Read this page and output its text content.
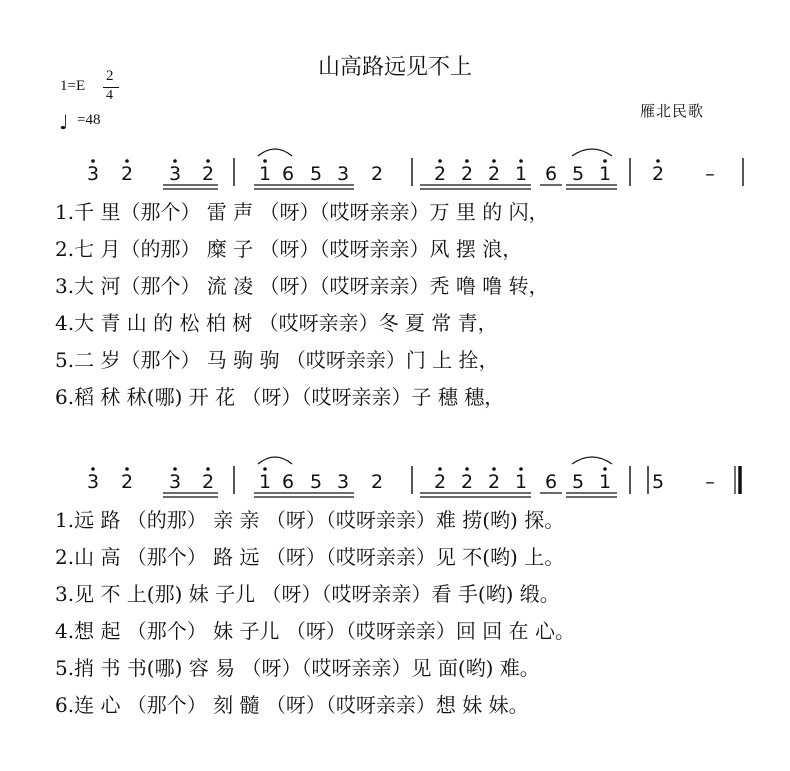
山高路远见不上
1=E
2
4
♩ =48	雁北民歌
3 2 3 2 1 6 5 3 2	2 2 2 1 6 5 1 2 –
1.千 里（那个） 雷 声 （呀）（哎呀亲亲）万 里 的 闪，
2.七 月（的那） 糜 子 （呀）（哎呀亲亲）风 摆 浪，
3.大 河（那个） 流 凌 （呀）（哎呀亲亲）秃 噜 噜 转，
4.大 青 山 的 松 柏 树 （哎呀亲亲）冬 夏 常 青，
5.二 岁（那个） 马 驹 驹 （哎呀亲亲）门 上 拴，
6.稻 秫 秫(哪) 开 花 （呀）（哎呀亲亲）子 穗 穗，
1.远 路 （的那） 亲 亲 （呀）（哎呀亲亲）难 捞(哟) 探。
2.山 高 （那个） 路 远 （呀）（哎呀亲亲）见 不(哟) 上。
3.见 不 上(那) 妹 子儿 （呀）（哎呀亲亲）看 手(哟) 缎。
4.想 起 （那个） 妹 子儿 （呀）（哎呀亲亲）回 回 在 心。
5.捎 书 书(哪) 容 易 （呀）（哎呀亲亲）见 面(哟) 难。
6.连 心 （那个） 刻 髓 （呀）（哎呀亲亲）想 妹 妹。
3 2 3 2 1 6 5 3 2	2 2 2 1 6 5 1 5 –
